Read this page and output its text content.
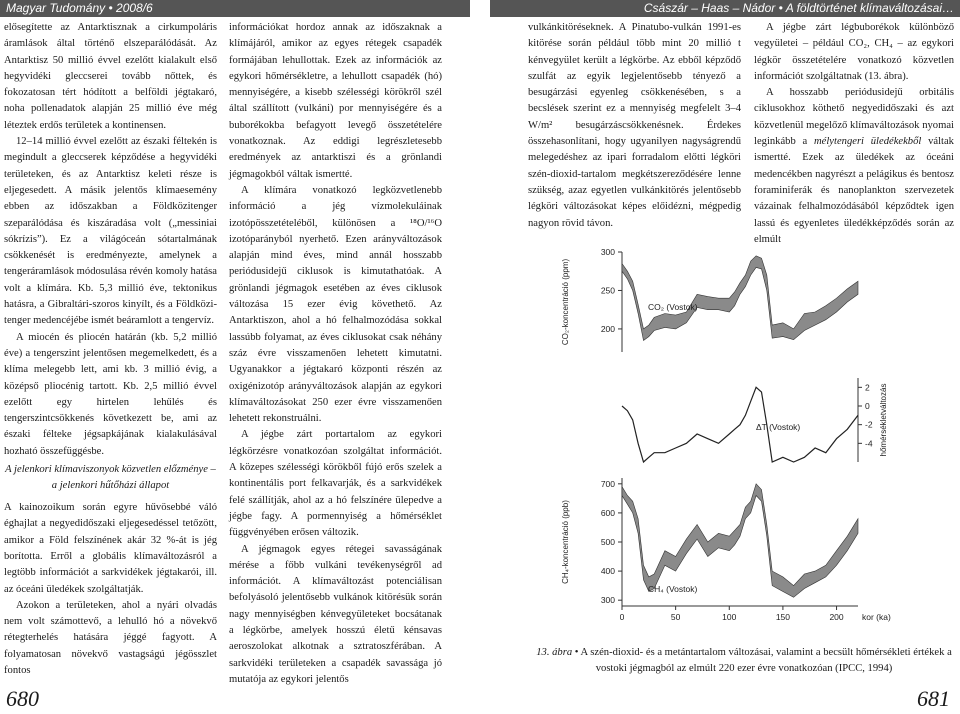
Magyar Tudomány • 2008/6	Császár – Haas – Nádor • A földtörténet klímaváltozásai…

elősegítette az Antarktisznak a cirkumpoláris áramlások által történő elszeparálódását. Az Antarktisz 50 millió évvel ezelőtt kialakult első hegyvidéki gleccserei tovább nőttek, és fokozatosan tért hódított a belföldi jégtakaró, noha pollenadatok alapján 25 millió éve még léteztek erdős területek a kontinensen.

12–14 millió évvel ezelőtt az északi féltekén is megindult a gleccserek képződése a hegyvidéki területeken, és az Antarktisz keleti része is eljegesedett. A másik jelentős klímaesemény ebben az időszakban a Földközitenger szeparálódása és kiszáradása volt („messiniai sókrízis”). Ez a világóceán sótartalmának csökkenését is eredményezte, amelynek a tengeráramlások módosulása révén komoly hatása volt a klímára. Kb. 5,3 millió éve, tektonikus hatásra, a Gibraltári-szoros kinyílt, és a Földközi-tenger medencéjébe ismét beáramlott a tengervíz.

A miocén és pliocén határán (kb. 5,2 millió éve) a tengerszint jelentősen megemelkedett, és a klíma melegebb lett, ami kb. 3 millió évig, a középső pliocénig tartott. Kb. 2,5 millió évvel ezelőtt egy hirtelen lehűlés és tengerszintcsökkenés következett be, ami az északi félteke jégsapkájának kialakulásával hozható összefüggésbe.

A jelenkori klímaviszonyok közvetlen előzménye – a jelenkori hűtőházi állapot

A kainozoikum során egyre hűvösebbé váló éghajlat a negyedidőszaki eljegesedéssel tetőzött, amikor a Föld felszínének akár 32 %-át is jég borította. Erről a globális klímaváltozásról a legtöbb információt a sarkvidékek jégtakarói, ill. az óceáni üledékek szolgáltatják.

Azokon a területeken, ahol a nyári olvadás nem volt számottevő, a lehulló hó a növekvő rétegterhelés hatására jéggé fagyott. A folyamatosan növekvő vastagságú jégösszlet fontos

információkat hordoz annak az időszaknak a klímájáról, amikor az egyes rétegek csapadék formájában lehullottak. Ezek az információk az egykori hőmérsékletre, a lehullott csapadék (hó) mennyiségére, a kisebb szélességi körökről szél által szállított (vulkáni) por mennyiségére és a buborékokba befagyott levegő összetételére vonatkoznak. Az eddigi legrészletesebb eredmények az antarktiszi és a grönlandi jégmagokból váltak ismertté.

A klímára vonatkozó legközvetlenebb információ a jég vízmolekuláinak izotópösszetételéből, különösen a ¹⁸O/¹⁶O izotóparányból nyerhető. Ezen arányváltozások alapján mind éves, mind annál hosszabb periódusidejű ciklusok is kimutathatóak. A grönlandi jégmagok esetében az éves ciklusok változása 15 ezer évig követhető. Az Antarktiszon, ahol a hó felhalmozódása sokkal lassúbb folyamat, az éves ciklusokat csak néhány száz évre visszamenően lehetett kimutatni. Ugyanakkor a jégtakaró központi részén az oxigénizotóp arányváltozások alapján az egykori klímaváltozásokat 250 ezer évre visszamenően lehetett rekonstruálni.

A jégbe zárt portartalom az egykori légkörzésre vonatkozóan szolgáltat információt. A közepes szélességi körökből fújó erős szelek a kontinentális port felkavarják, és a sarkvidékek felé szállítják, ahol az a hó felszínére ülepedve a jégbe fagy. A pormennyiség a hőmérséklet függvényében erősen változik.

A jégmagok egyes rétegei savasságának mérése a főbb vulkáni tevékenységről ad információt. A klímaváltozást potenciálisan befolyásoló jelentősebb vulkánok kitörésük során nagy mennyiségben kénvegyületeket bocsátanak a légkörbe, amelyek hosszú életű kénsavas aeroszolokat alkotnak a sztratoszférában. A sarkvidéki területeken a csapadék savassága jó mutatója az egykori jelentős

vulkánkitöréseknek. A Pinatubo-vulkán 1991-es kitörése során például több mint 20 millió t kénvegyület került a légkörbe. Az ebből képződő szulfát az egyik legjelentősebb tényező a besugárzási egyenleg csökkenésében, s a becslések szerint ez a mennyiség megfelelt 3–4 W/m² besugárzáscsökkenésnek. Érdekes összehasonlítani, hogy ugyanilyen nagyságrendű melegedéshez az ipari forradalom előtti légköri szén-dioxid-tartalom megkétszereződésére lenne szükség, azaz egyetlen vulkánkitörés jelentősebb légköri változásokat képes előidézni, mégpedig nagyon rövid távon.

A jégbe zárt légbuborékok különböző vegyületei – például CO₂, CH₄ – az egykori légkör összetételére vonatkozó közvetlen információt szolgáltatnak (13. ábra).

A hosszabb periódusidejű orbitális ciklusokhoz köthető negyedidőszaki és azt közvetlenül megelőző klímaváltozások nyomai leginkább a mélytengeri üledékekből váltak ismertté. Ezek az üledékek az óceáni medencékben nagyrészt a pelágikus és bentosz foraminiferák és nanoplankton szervezetek vázainak felhalmozódásából képződtek igen lassú és egyenletes üledékképződés során az elmúlt

300
250
200
CO₂-koncentráció (ppm)	CO₂ (Vostok)
2
0
-2
-4 hőmérsékletváltozás
ΔT (Vostok)
700
600
500
400
300
CH₄-koncentráció (ppb)
CH₄ (Vostok)
0	50	100	150	200 kor (ka)
13. ábra • A szén-dioxid- és a metántartalom változásai, valamint a becsült hőmérsékleti értékek a vostoki jégmagból az elmúlt 220 ezer évre vonatkozóan (IPCC, 1994)
680	681
